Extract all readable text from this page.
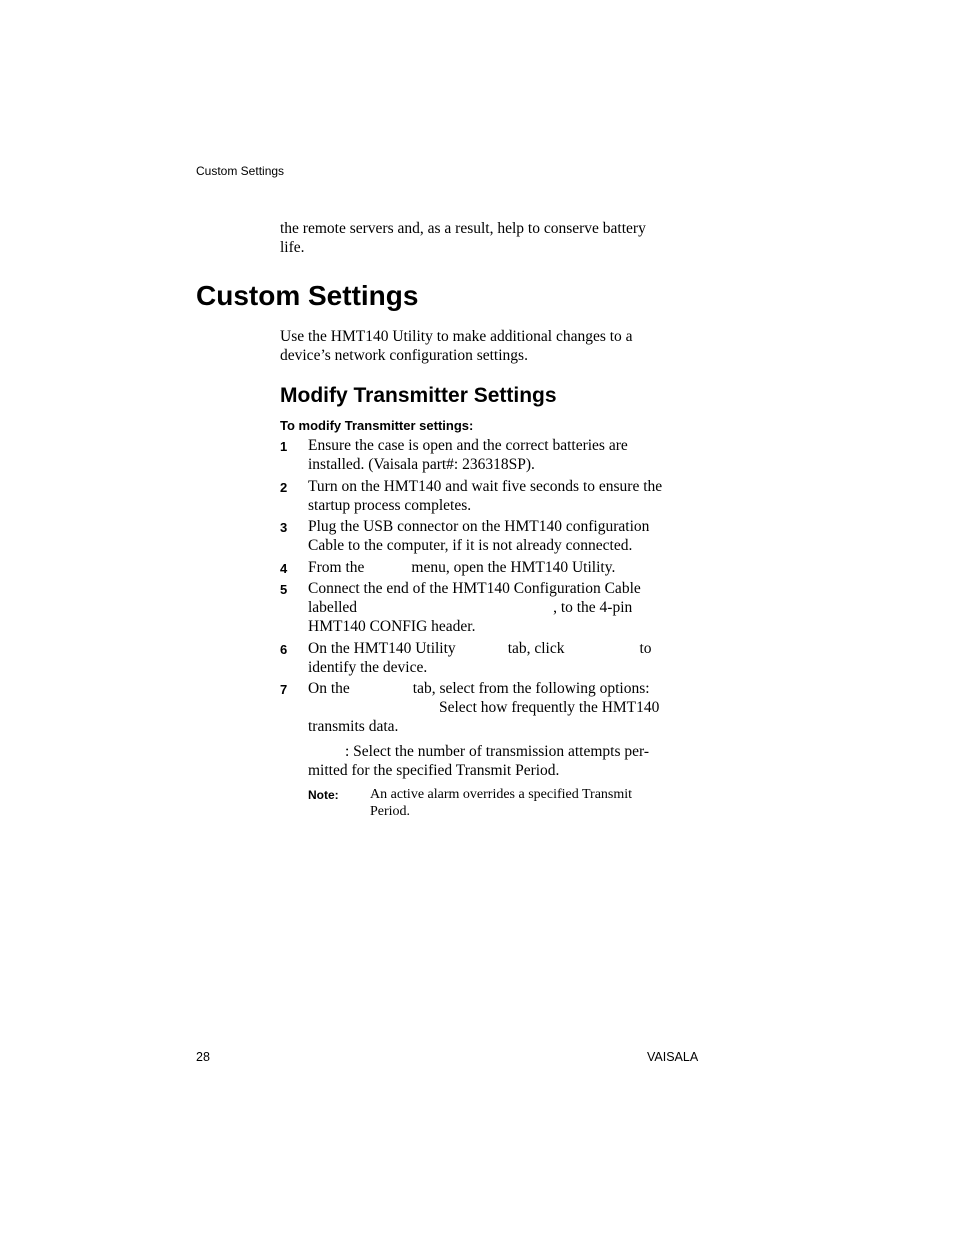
Custom Settings
the remote servers and, as a result, help to conserve battery
life.
Custom Settings
Use the HMT140 Utility to make additional changes to a
device’s network configuration settings.
Modify Transmitter Settings
To modify Transmitter settings:
1 Ensure the case is open and the correct batteries are
installed. (Vaisala part#: 236318SP).
2 Turn on the HMT140 and wait five seconds to ensure the
startup process completes.
3 Plug the USB connector on the HMT140 configuration
Cable to the computer, if it is not already connected.
4 From the	menu, open the HMT140 Utility.
5 Connect the end of the HMT140 Configuration Cable
labelled	, to the 4-pin
HMT140 CONFIG header.
6 On the HMT140 Utility	tab, click	to
identify the device.
7 On the	tab, select from the following options:
Select how frequently the HMT140
transmits data.
: Select the number of transmission attempts per-
mitted for the specified Transmit Period.
Note: An active alarm overrides a specified Transmit
Period.
28	VAISALA
